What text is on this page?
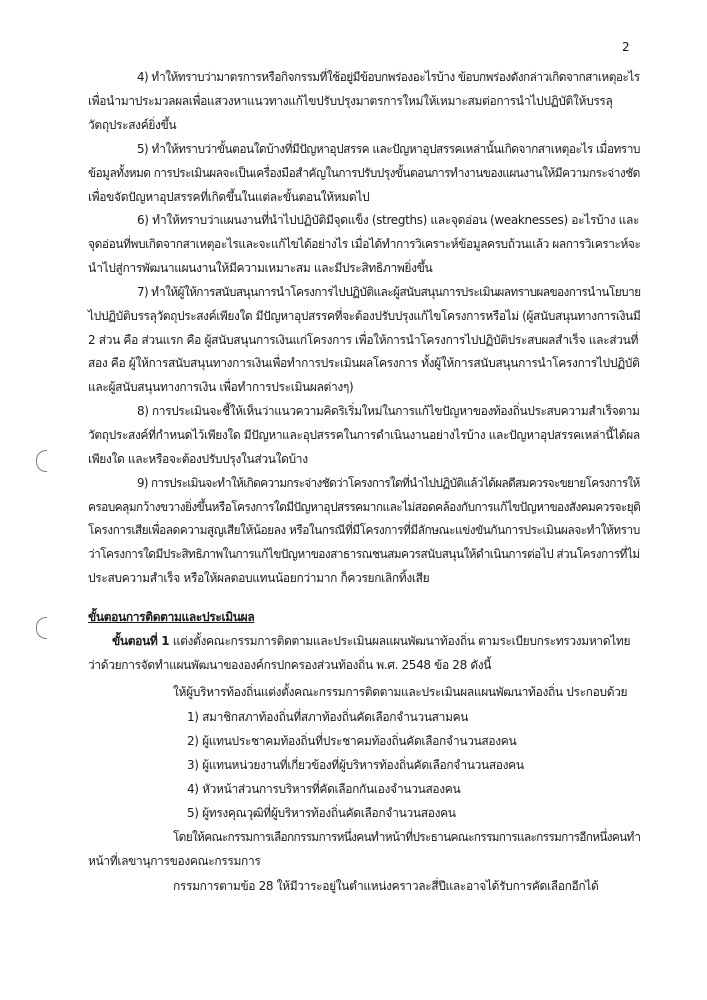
2
4) ทำให้ทราบว่ามาตรการหรือกิจกรรมที่ใช้อยู่มีข้อบกพร่องอะไรบ้าง ข้อบกพร่องดังกล่าวเกิดจากสาเหตุอะไร
เพื่อนำมาประมวลผลเพื่อแสวงหาแนวทางแก้ไขปรับปรุงมาตรการใหม่ให้เหมาะสมต่อการนำไปปฏิบัติให้บรรลุ
วัตถุประสงค์ยิ่งขึ้น
5) ทำให้ทราบว่าขั้นตอนใดบ้างที่มีปัญหาอุปสรรค และปัญหาอุปสรรคเหล่านั้นเกิดจากสาเหตุอะไร เมื่อทราบ
ข้อมูลทั้งหมด การประเมินผลจะเป็นเครื่องมือสำคัญในการปรับปรุงขั้นตอนการทำงานของแผนงานให้มีความกระจ่างชัด
เพื่อขจัดปัญหาอุปสรรคที่เกิดขึ้นในแต่ละขั้นตอนให้หมดไป
6) ทำให้ทราบว่าแผนงานที่นำไปปฏิบัติมีจุดแข็ง (stregths) และจุดอ่อน (weaknesses) อะไรบ้าง และ
จุดอ่อนที่พบเกิดจากสาเหตุอะไรและจะแก้ไขได้อย่างไร เมื่อได้ทำการวิเคราะห์ข้อมูลครบถ้วนแล้ว ผลการวิเคราะห์จะ
นำไปสู่การพัฒนาแผนงานให้มีความเหมาะสม และมีประสิทธิภาพยิ่งขึ้น
7) ทำให้ผู้ให้การสนับสนุนการนำโครงการไปปฏิบัติและผู้สนับสนุนการประเมินผลทราบผลของการนำนโยบาย
ไปปฏิบัติบรรลุวัตถุประสงค์เพียงใด มีปัญหาอุปสรรคที่จะต้องปรับปรุงแก้ไขโครงการหรือไม่ (ผู้สนับสนุนทางการเงินมี
2 ส่วน คือ ส่วนแรก คือ ผู้สนับสนุนการเงินแก่โครงการ เพื่อให้การนำโครงการไปปฏิบัติประสบผลสำเร็จ และส่วนที่
สอง คือ ผู้ให้การสนับสนุนทางการเงินเพื่อทำการประเมินผลโครงการ ทั้งผู้ให้การสนับสนุนการนำโครงการไปปฏิบัติ
และผู้สนับสนุนทางการเงิน เพื่อทำการประเมินผลต่างๆ)
8) การประเมินจะชี้ให้เห็นว่าแนวความคิดริเริ่มใหม่ในการแก้ไขปัญหาของท้องถิ่นประสบความสำเร็จตาม
วัตถุประสงค์ที่กำหนดไว้เพียงใด มีปัญหาและอุปสรรคในการดำเนินงานอย่างไรบ้าง และปัญหาอุปสรรคเหล่านี้ได้ผล
เพียงใด และหรือจะต้องปรับปรุงในส่วนใดบ้าง
9) การประเมินจะทำให้เกิดความกระจ่างชัดว่าโครงการใดที่นำไปปฏิบัติแล้วได้ผลดีสมควรจะขยายโครงการให้
ครอบคลุมกว้างขวางยิ่งขึ้นหรือโครงการใดมีปัญหาอุปสรรคมากและไม่สอดคล้องกับการแก้ไขปัญหาของสังคมควรจะยุติ
โครงการเสียเพื่อลดความสูญเสียให้น้อยลง หรือในกรณีที่มีโครงการที่มีลักษณะแข่งขันกันการประเมินผลจะทำให้ทราบ
ว่าโครงการใดมีประสิทธิภาพในการแก้ไขปัญหาของสาธารณชนสมควรสนับสนุนให้ดำเนินการต่อไป ส่วนโครงการที่ไม่
ประสบความสำเร็จ หรือให้ผลตอบแทนน้อยกว่ามาก ก็ควรยกเลิกทิ้งเสีย
ขั้นตอนการติดตามและประเมินผล
ขั้นตอนที่ 1 แต่งตั้งคณะกรรมการติดตามและประเมินผลแผนพัฒนาท้องถิ่น ตามระเบียบกระทรวงมหาดไทย
ว่าด้วยการจัดทำแผนพัฒนาขององค์กรปกครองส่วนท้องถิ่น พ.ศ. 2548 ข้อ 28 ดังนี้
ให้ผู้บริหารท้องถิ่นแต่งตั้งคณะกรรมการติดตามและประเมินผลแผนพัฒนาท้องถิ่น ประกอบด้วย
1) สมาชิกสภาท้องถิ่นที่สภาท้องถิ่นคัดเลือกจำนวนสามคน
2) ผู้แทนประชาคมท้องถิ่นที่ประชาคมท้องถิ่นคัดเลือกจำนวนสองคน
3) ผู้แทนหน่วยงานที่เกี่ยวข้องที่ผู้บริหารท้องถิ่นคัดเลือกจำนวนสองคน
4) หัวหน้าส่วนการบริหารที่คัดเลือกกันเองจำนวนสองคน
5) ผู้ทรงคุณวุฒิที่ผู้บริหารท้องถิ่นคัดเลือกจำนวนสองคน
โดยให้คณะกรรมการเลือกกรรมการหนึ่งคนทำหน้าที่ประธานคณะกรรมการและกรรมการอีกหนึ่งคนทำ
หน้าที่เลขานุการของคณะกรรมการ
กรรมการตามข้อ 28 ให้มีวาระอยู่ในตำแหน่งคราวละสี่ปีและอาจได้รับการคัดเลือกอีกได้
